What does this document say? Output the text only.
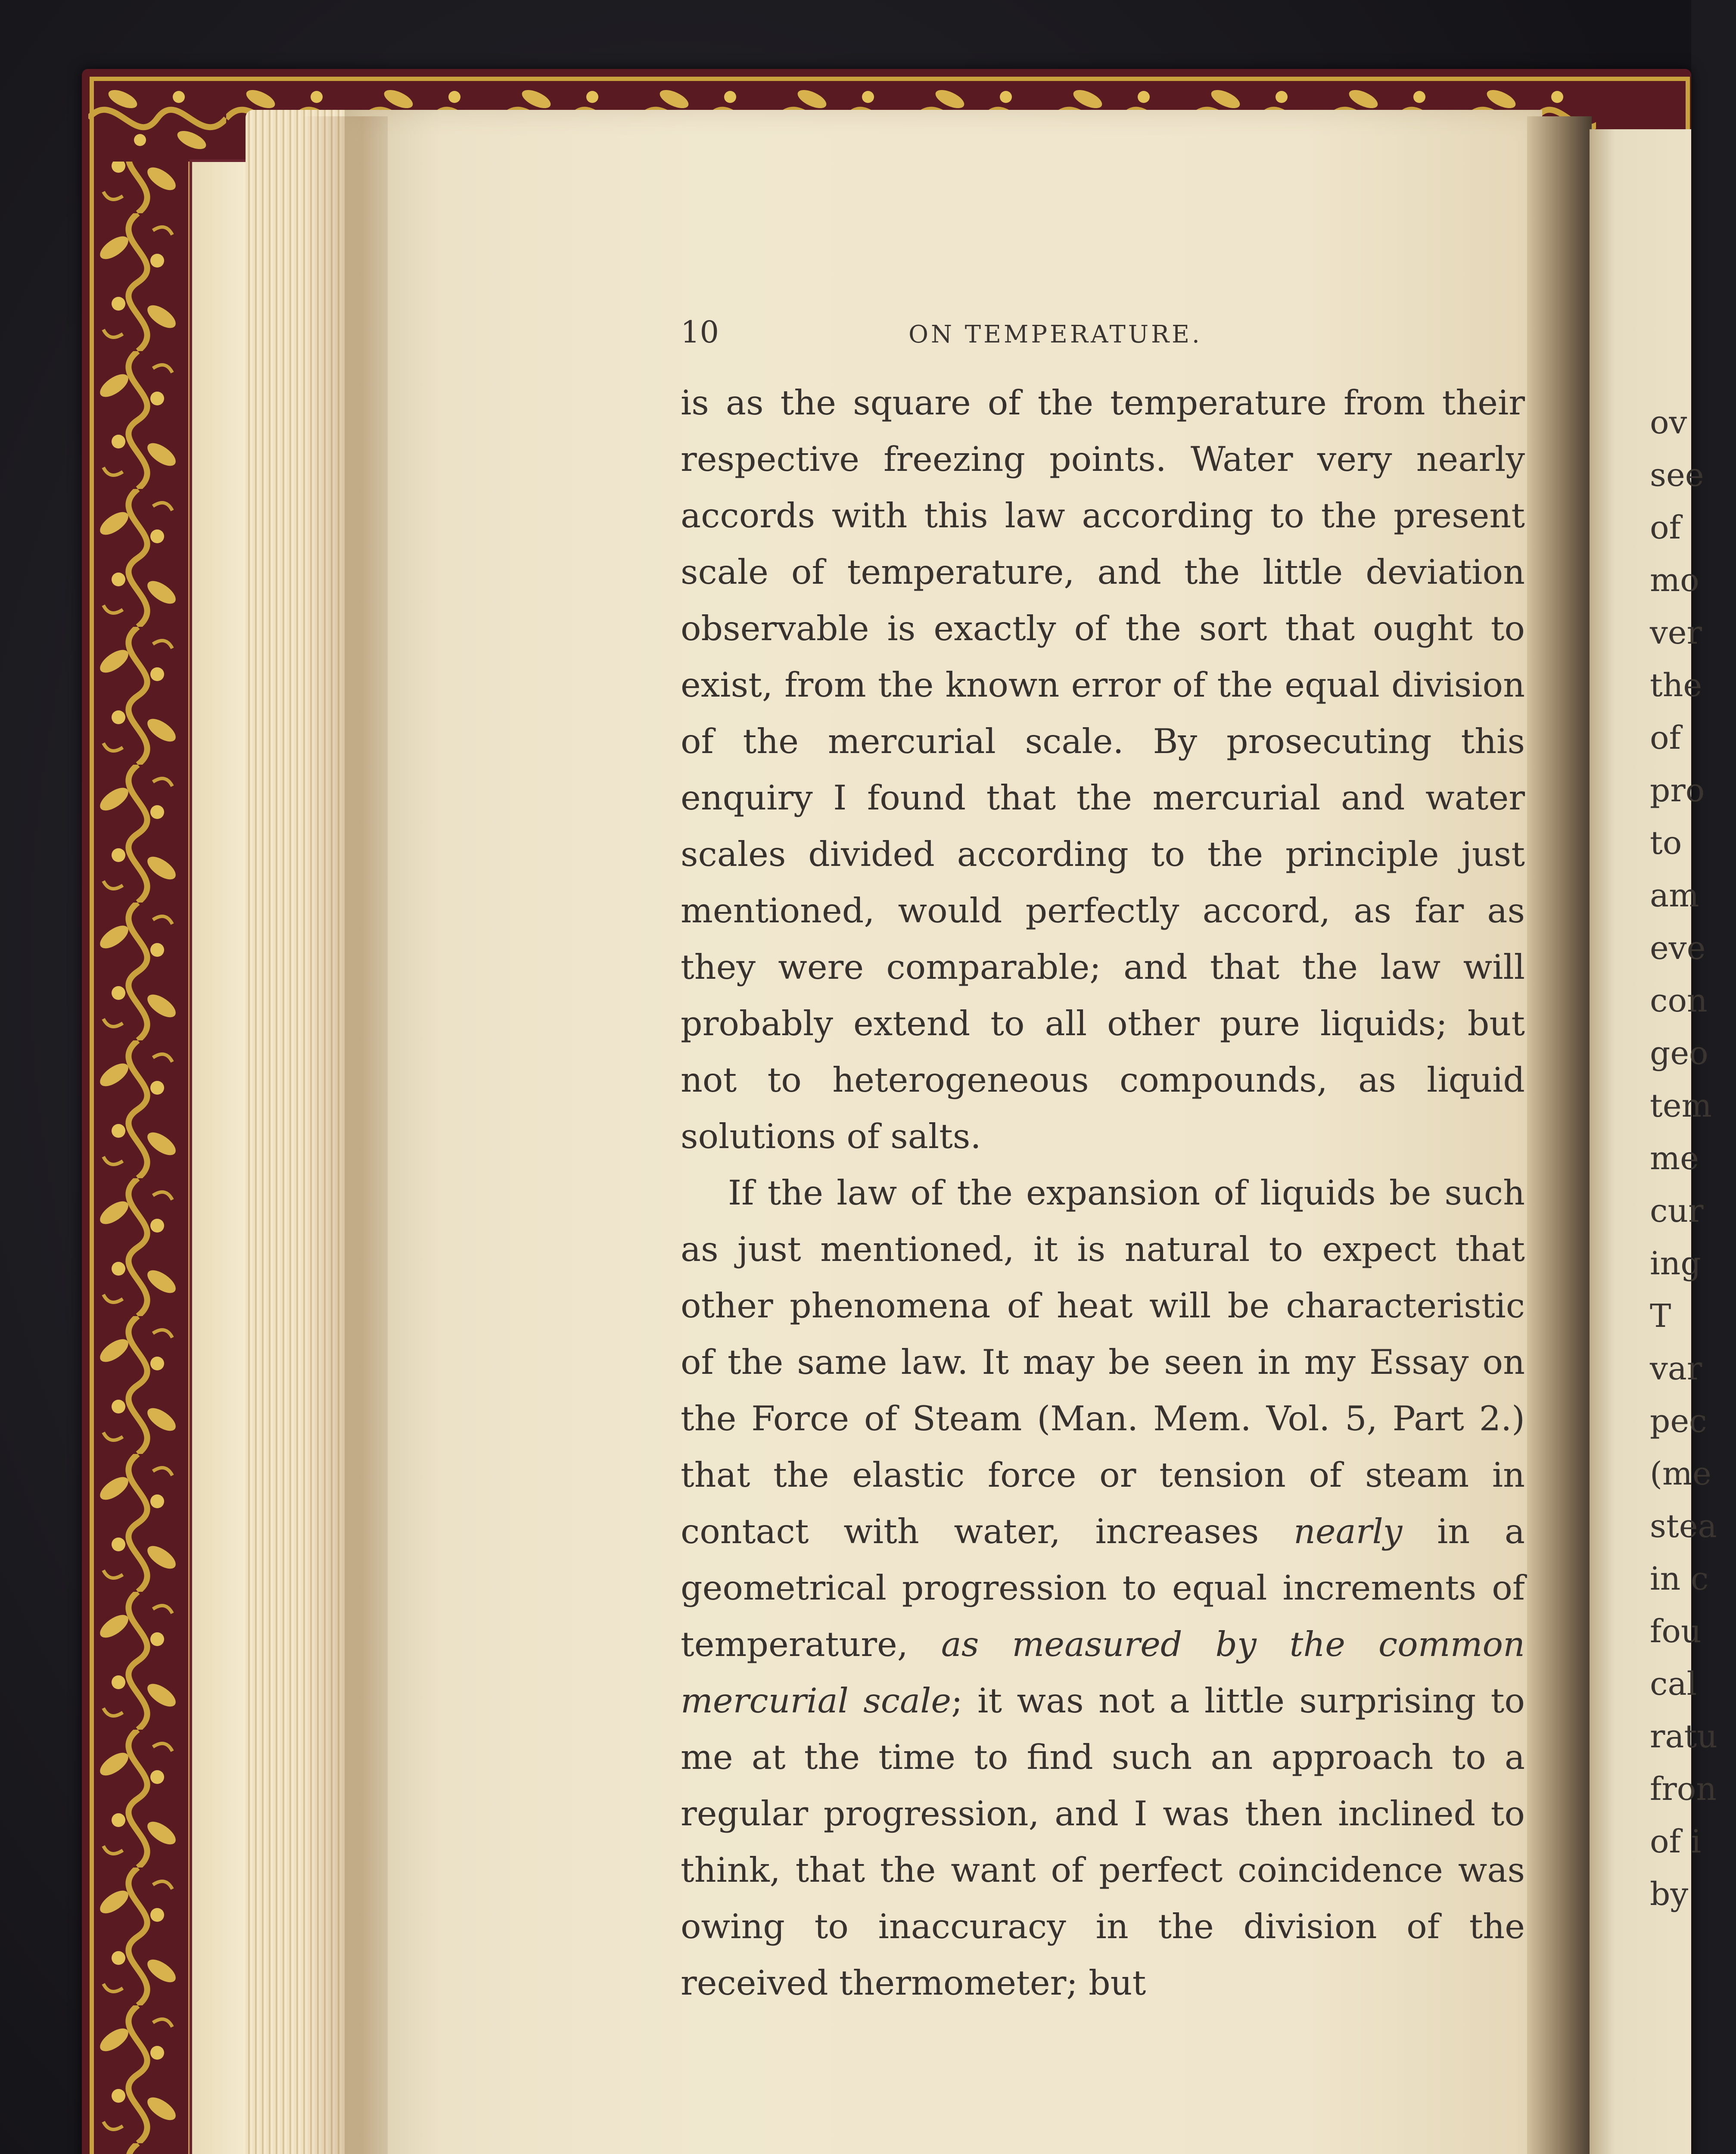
10	ON TEMPERATURE.

is as the square of the temperature from their respective freezing points. Water very nearly accords with this law according to the present scale of temperature, and the little deviation observable is exactly of the sort that ought to exist, from the known error of the equal division of the mercurial scale. By prosecuting this enquiry I found that the mercurial and water scales divided according to the principle just mentioned, would perfectly accord, as far as they were comparable; and that the law will probably extend to all other pure liquids; but not to heterogeneous compounds, as liquid solutions of salts.

If the law of the expansion of liquids be such as just mentioned, it is natural to expect that other phenomena of heat will be characteristic of the same law. It may be seen in my Essay on the Force of Steam (Man. Mem. Vol. 5, Part 2.) that the elastic force or tension of steam in contact with water, increases nearly in a geometrical progression to equal increments of temperature, as measured by the common mercurial scale; it was not a little surprising to me at the time to find such an approach to a regular progression, and I was then inclined to think, that the want of perfect coincidence was owing to inaccuracy in the division of the received thermometer; but

ov
see
of
mo
ver
the
of
pro
to
am
eve
con
geo
tem
me
cur
ing
T
var
pec
(me
stea
in c
fou
cal
ratu
fron
of i
by
